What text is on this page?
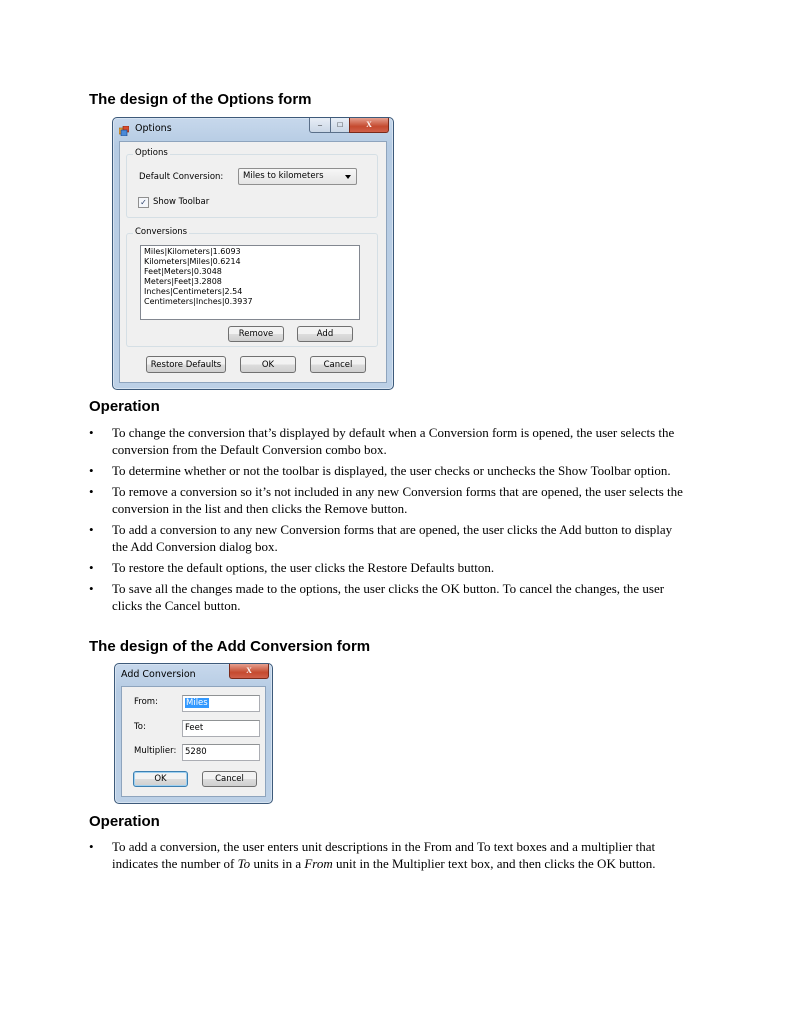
The design of the Options form
Options	–	□	X
Options
Default Conversion: Miles to kilometers
✓ Show Toolbar
Conversions
Miles|Kilometers|1.6093
Kilometers|Miles|0.6214
Feet|Meters|0.3048
Meters|Feet|3.2808
Inches|Centimeters|2.54
Centimeters|Inches|0.3937
Remove	Add
Restore Defaults	OK	Cancel
Operation
• To change the conversion that’s displayed by default when a Conversion form is opened, the user selects the conversion from the Default Conversion combo box.
• To determine whether or not the toolbar is displayed, the user checks or unchecks the Show Toolbar option.
• To remove a conversion so it’s not included in any new Conversion forms that are opened, the user selects the conversion in the list and then clicks the Remove button.
• To add a conversion to any new Conversion forms that are opened, the user clicks the Add button to display the Add Conversion dialog box.
• To restore the default options, the user clicks the Restore Defaults button.
• To save all the changes made to the options, the user clicks the OK button. To cancel the changes, the user clicks the Cancel button.
The design of the Add Conversion form
Add Conversion	X
From:	Miles
To:	Feet
Multiplier: 5280
OK	Cancel
Operation
• To add a conversion, the user enters unit descriptions in the From and To text boxes and a multiplier that indicates the number of To units in a From unit in the Multiplier text box, and then clicks the OK button.
